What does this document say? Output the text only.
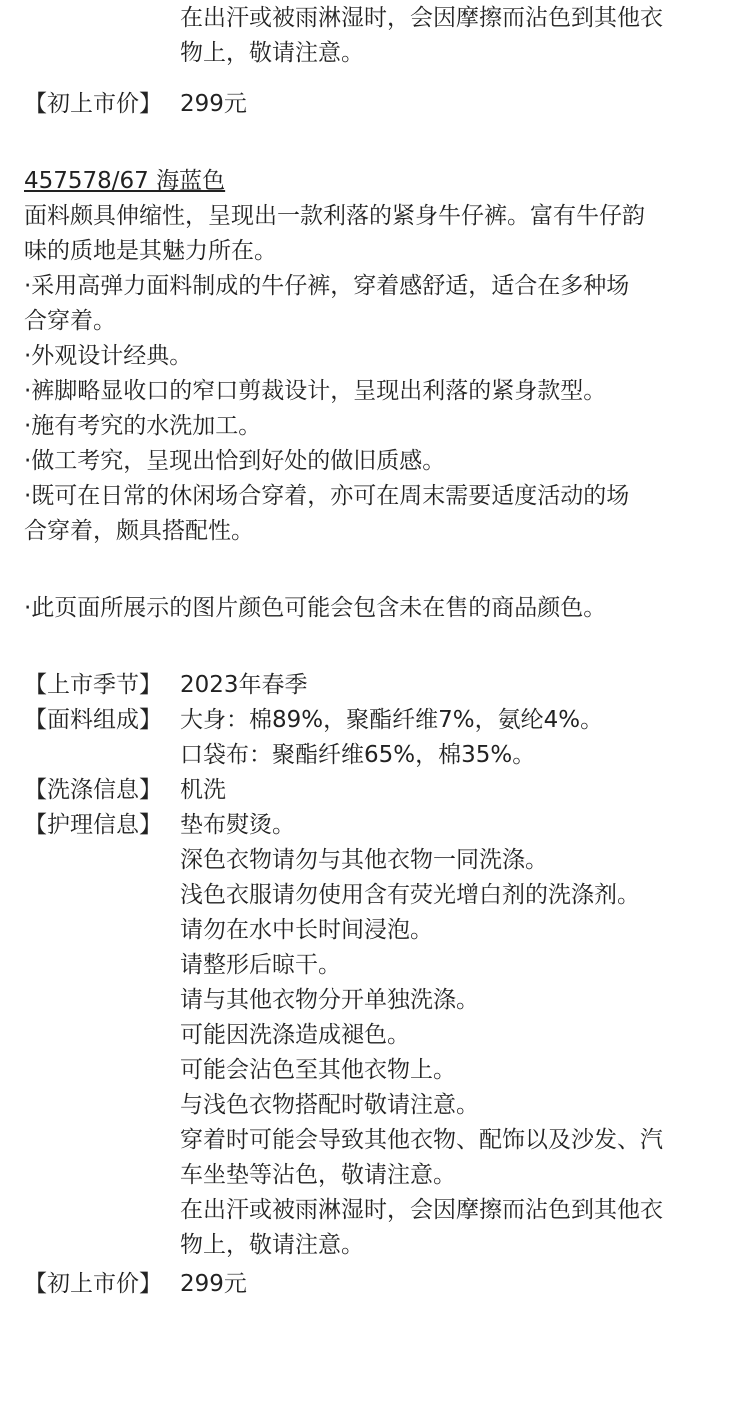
在出汗或被雨淋湿时，会因摩擦而沾色到其他衣
物上，敬请注意。
【初上市价】 299元
457578/67 海蓝色
面料颇具伸缩性，呈现出一款利落的紧身牛仔裤。富有牛仔韵
味的质地是其魅力所在。
·采用高弹力面料制成的牛仔裤，穿着感舒适，适合在多种场
合穿着。
·外观设计经典。
·裤脚略显收口的窄口剪裁设计，呈现出利落的紧身款型。
·施有考究的水洗加工。
·做工考究，呈现出恰到好处的做旧质感。
·既可在日常的休闲场合穿着，亦可在周末需要适度活动的场
合穿着，颇具搭配性。
·此页面所展示的图片颜色可能会包含未在售的商品颜色。
【上市季节】 2023年春季
【面料组成】 大身：棉89%，聚酯纤维7%，氨纶4%。
口袋布：聚酯纤维65%，棉35%。
【洗涤信息】 机洗
【护理信息】 垫布熨烫。
深色衣物请勿与其他衣物一同洗涤。
浅色衣服请勿使用含有荧光增白剂的洗涤剂。
请勿在水中长时间浸泡。
请整形后晾干。
请与其他衣物分开单独洗涤。
可能因洗涤造成褪色。
可能会沾色至其他衣物上。
与浅色衣物搭配时敬请注意。
穿着时可能会导致其他衣物、配饰以及沙发、汽
车坐垫等沾色，敬请注意。
在出汗或被雨淋湿时，会因摩擦而沾色到其他衣
物上，敬请注意。
【初上市价】 299元
